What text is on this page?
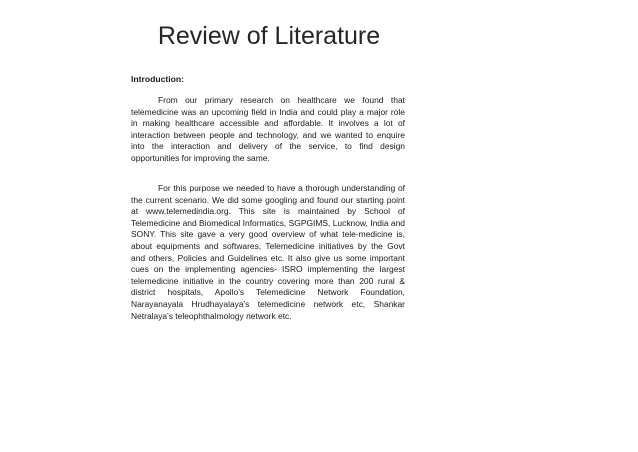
Review of Literature
Introduction:

From our primary research on healthcare we found that telemedicine was an upcoming field in India and could play a major role in making healthcare accessible and affordable. It involves a lot of interaction between people and technology, and we wanted to enquire into the interaction and delivery of the service, to find design opportunities for improving the same.

For this purpose we needed to have a thorough understanding of the current scenario. We did some googling and found our starting point at www.telemedindia.org. This site is maintained by School of Telemedicine and Biomedical Informatics, SGPGIMS, Lucknow, India and SONY. This site gave a very good overview of what tele-medicine is, about equipments and softwares, Telemedicine initiatives by the Govt and others, Policies and Guidelines etc. It also give us some important cues on the implementing agencies- ISRO implementing the largest telemedicine initiative in the country covering more than 200 rural & district hospitals, Apollo's Telemedicine Network Foundation, Narayanayala Hrudhayalaya's telemedicine network etc, Shankar Netralaya's teleophthalmology network etc.
